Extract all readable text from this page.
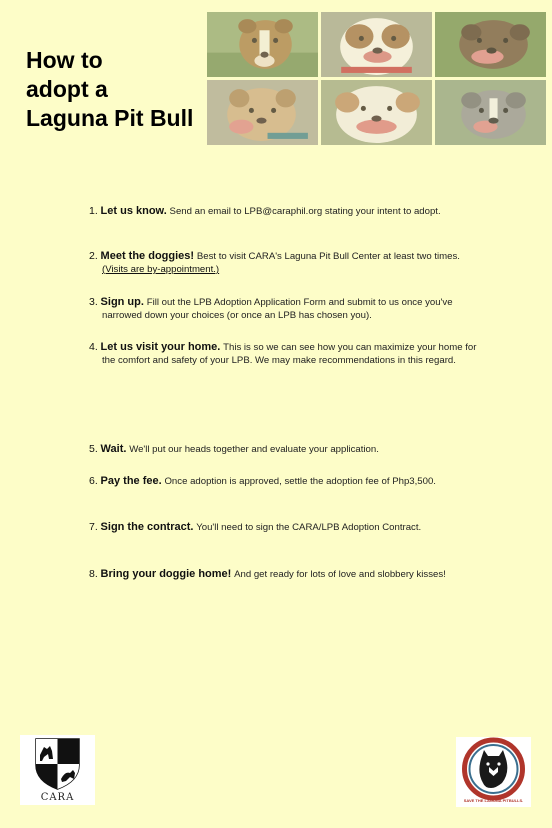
How to
adopt a
Laguna Pit Bull
1. Let us know. Send an email to LPB@caraphil.org stating your intent to adopt.
2. Meet the doggies! Best to visit CARA's Laguna Pit Bull Center at least two times. (Visits are by-appointment.)
3. Sign up. Fill out the LPB Adoption Application Form and submit to us once you've narrowed down your choices (or once an LPB has chosen you).
4. Let us visit your home. This is so we can see how you can maximize your home for the comfort and safety of your LPB. We may make recommendations in this regard.
5. Wait. We'll put our heads together and evaluate your application.
6. Pay the fee. Once adoption is approved, settle the adoption fee of Php3,500.
7. Sign the contract. You'll need to sign the CARA/LPB Adoption Contract.
8. Bring your doggie home! And get ready for lots of love and slobbery kisses!
CARA	SAVE THE LAGUNA PITBULLS.
